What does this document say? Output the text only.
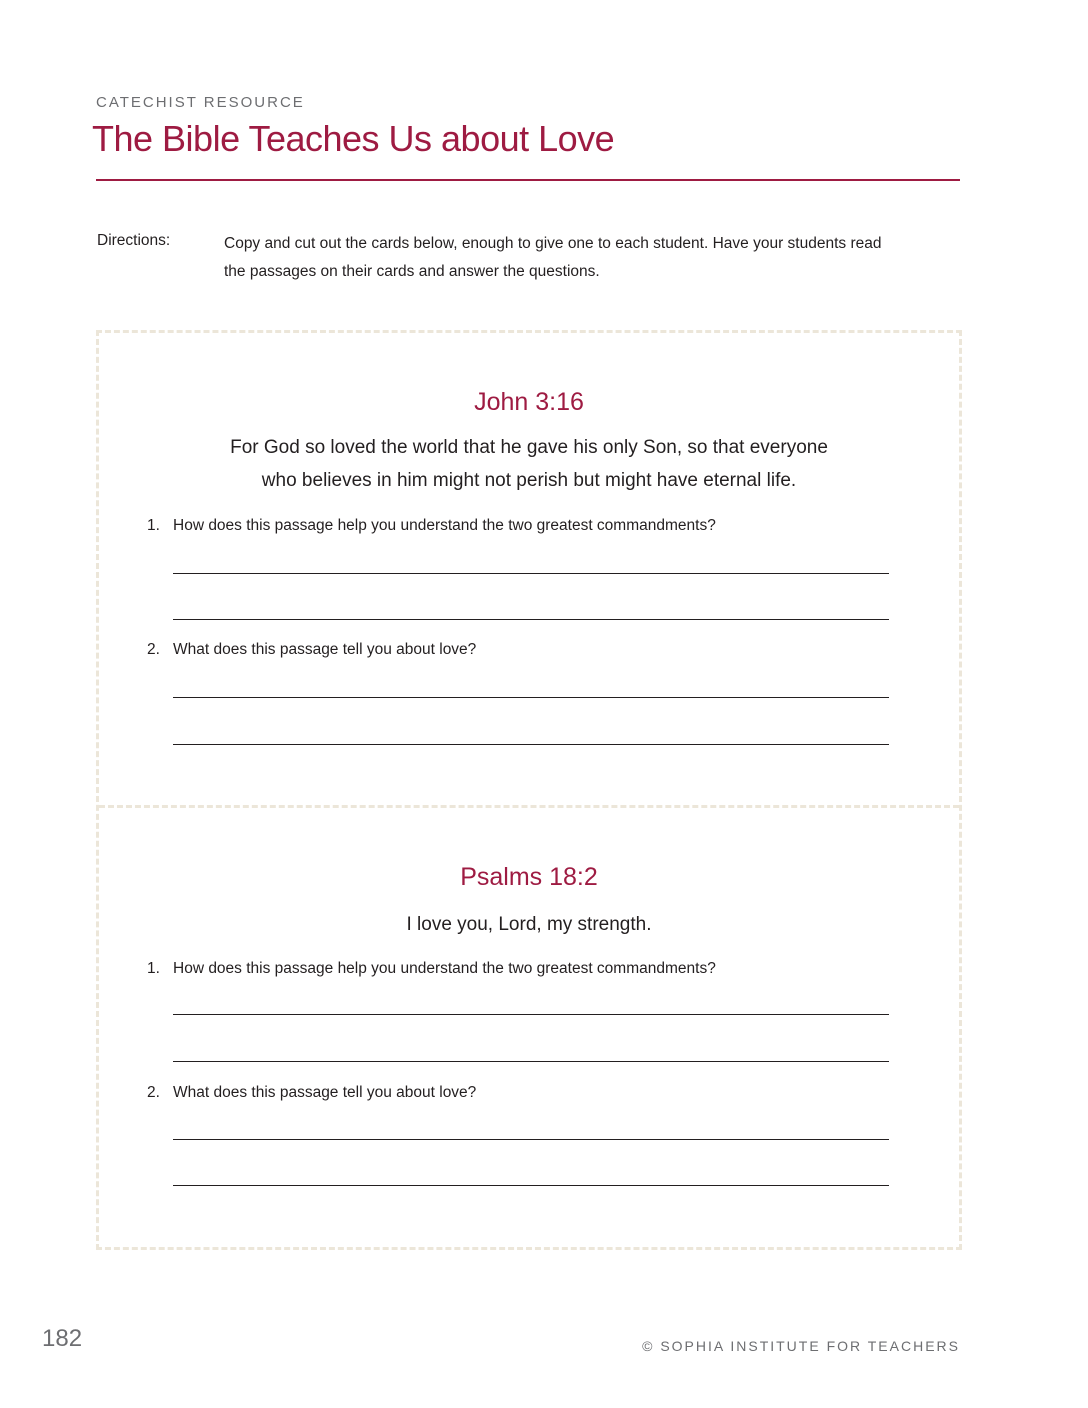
CATECHIST RESOURCE
The Bible Teaches Us about Love
Directions:	Copy and cut out the cards below, enough to give one to each student. Have your students read the passages on their cards and answer the questions.
John 3:16
For God so loved the world that he gave his only Son, so that everyone
who believes in him might not perish but might have eternal life.
1. How does this passage help you understand the two greatest commandments?
2. What does this passage tell you about love?
Psalms 18:2
I love you, Lord, my strength.
1. How does this passage help you understand the two greatest commandments?
2. What does this passage tell you about love?
182	© SOPHIA INSTITUTE FOR TEACHERS
